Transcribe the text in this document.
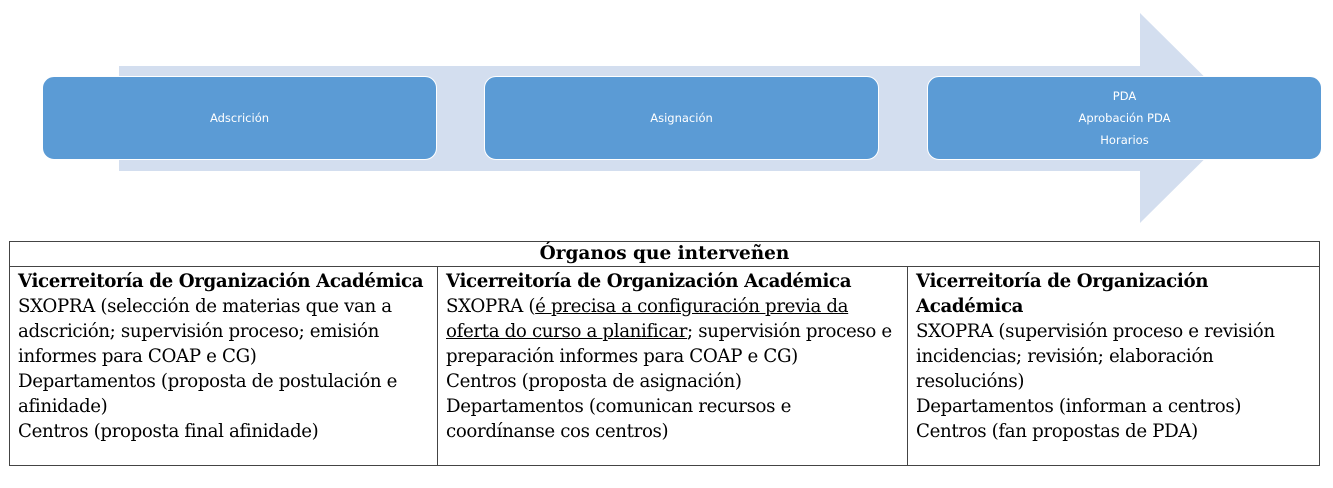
Adscrición	Asignación
PDA
Aprobación PDA
Horarios
Órganos que interveñen

Vicerreitoría de Organización Académica
SXOPRA (selección de materias que van a
adscrición; supervisión proceso; emisión
informes para COAP e CG)
Departamentos (proposta de postulación e
afinidade)
Centros (proposta final afinidade)

Vicerreitoría de Organización Académica
SXOPRA (é precisa a configuración previa da
oferta do curso a planificar; supervisión proceso e
preparación informes para COAP e CG)
Centros (proposta de asignación)
Departamentos (comunican recursos e
coordínanse cos centros)

Vicerreitoría de Organización Académica
SXOPRA (supervisión proceso e revisión
incidencias; revisión; elaboración
resolucións)
Departamentos (informan a centros)
Centros (fan propostas de PDA)
